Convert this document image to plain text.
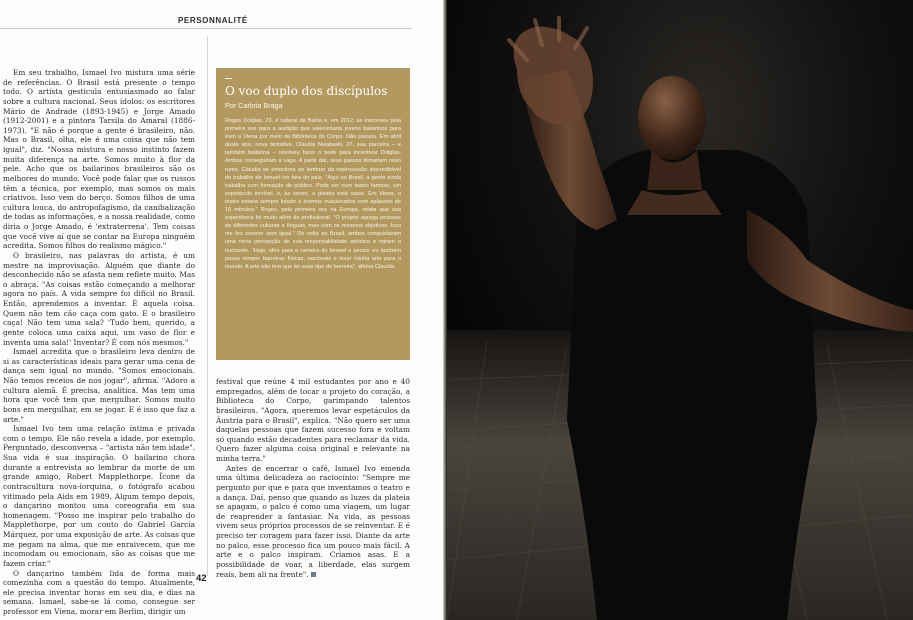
PERSONNALITÉ

Em seu trabalho, Ismael Ivo mistura uma série de referências. O Brasil está presente o tempo todo. O artista gesticula entusiasmado ao falar sobre a cultura nacional. Seus ídolos: os escritores Mário de Andrade (1893-1945) e Jorge Amado (1912-2001) e a pintora Tarsila do Amaral (1886-1973). "E não é porque a gente é brasileiro, não. Mas o Brasil, olha, ele é uma coisa que não tem igual", diz. "Nossa mistura e nosso instinto fazem muita diferença na arte. Somos muito à flor da pele. Acho que os bailarinos brasileiros são os melhores do mundo. Você pode falar que os russos têm a técnica, por exemplo, mas somos os mais criativos. Isso vem do berço. Somos filhos de uma cultura louca, do antropofagismo, da canibalização de todas as informações, e a nossa realidade, como diria o Jorge Amado, é 'extraterrena'. Tem coisas que você vive aí que se contar na Europa ninguém acredita. Somos filhos do realismo mágico."

O brasileiro, nas palavras do artista, é um mestre na improvisação. Alguém que diante do desconhecido não se afasta nem reflete muito. Mas o abraça. "As coisas estão começando a melhorar agora no país. A vida sempre foi difícil no Brasil. Então, aprendemos a inventar. É aquela coisa. Quem não tem cão caça com gato. E o brasileiro caça! Não tem uma sala? 'Tudo bem, querido, a gente coloca uma caixa aqui, um vaso de flor e inventa uma sala!' Inventar? É com nós mesmos."

Ismael acredita que o brasileiro leva dentro de si as características ideais para gerar uma cena de dança sem igual no mundo. "Somos emocionais. Não temos receios de nos jogar", afirma. "Adoro a cultura alemã. É precisa, analítica. Mas tem uma hora que você tem que mergulhar. Somos muito bons em mergulhar, em se jogar. E é isso que faz a arte."

Ismael Ivo tem uma relação íntima e privada com o tempo. Ele não revela a idade, por exemplo. Perguntado, desconversa – "artista não tem idade". Sua vida é sua inspiração. O bailarino chora durante a entrevista ao lembrar da morte de um grande amigo, Robert Mapplethorpe. Ícone da contracultura nova-iorquina, o fotógrafo acabou vitimado pela Aids em 1989. Algum tempo depois, o dançarino montou uma coreografia em sua homenagem. "Posso me inspirar pelo trabalho do Mapplethorpe, por um conto do Gabriel García Márquez, por uma exposição de arte. As coisas que me pegam na alma, que me enraivecem, que me incomodam ou emocionam, são as coisas que me fazem criar."

O dançarino também lida de forma mais comezinha com a questão do tempo. Atualmente, ele precisa inventar horas em seu dia, e dias na semana. Ismael, sabe-se lá como, consegue ser professor em Viena, morar em Berlim, dirigir um

O voo duplo dos discípulos
Por Carlota Braga
Roges Dolglas, 23, é natural da Bahia e, em 2012, se inscreveu pela primeira vez para a audição que selecionaria jovens bailarinos para irem a Viena por meio da Biblioteca do Corpo. Não passou. Em abril deste ano, nova tentativa. Claudia Nwabasili, 27, sua parceira – e também bailarina – resolveu fazer o teste para incentivar Dolglas. Ambos conseguiram a vaga. A partir daí, seus passos tomariam novo rumo. Claudia se emociona ao lembrar da repercussão inacreditável do trabalho de Ismael Ivo fora do país. "Aqui no Brasil, a gente ainda trabalha com formação de público. Pode ser num teatro famoso, um espetáculo incrível, e, às vezes, a plateia está vazia. Em Viena, o teatro estava sempre lotado e éramos ovacionados com aplausos de 10 minutos." Roges, pela primeira vez na Europa, relata que sua experiência foi muito além do profissional. "O projeto agrega pessoas de diferentes culturas e línguas, mas com os mesmos objetivos. Isso me fez crescer sem igual." De volta ao Brasil, ambos conquistaram uma nova percepção de sua responsabilidade artística e miram o horizonte. "Hoje, olho para a carreira do Ismael e penso: eu também posso romper barreiras físicas, nacionais e levar minha arte para o mundo. A arte não tem que ter esse tipo de barreira", afirma Claudia.

festival que reúne 4 mil estudantes por ano e 40 empregados, além de tocar o projeto do coração, a Biblioteca do Corpo, garimpando talentos brasileiros. "Agora, queremos levar espetáculos da Áustria para o Brasil", explica. "Não quero ser uma daquelas pessoas que fazem sucesso fora e voltam só quando estão decadentes para reclamar da vida. Quero fazer alguma coisa original e relevante na minha terra."

Antes de encerrar o café, Ismael Ivo emenda uma última delicadeza ao raciocínio: "Sempre me pergunto por que e para que inventamos o teatro e a dança. Daí, penso que quando as luzes da plateia se apagam, o palco é como uma viagem, um lugar de reaprender a fantasiar. Na vida, as pessoas vivem seus próprios processos de se reinventar. E é preciso ter coragem para fazer isso. Diante da arte no palco, esse processo fica um pouco mais fácil. A arte e o palco inspiram. Criamos asas. E a possibilidade de voar, a liberdade, elas surgem reais, bem ali na frente".

42
